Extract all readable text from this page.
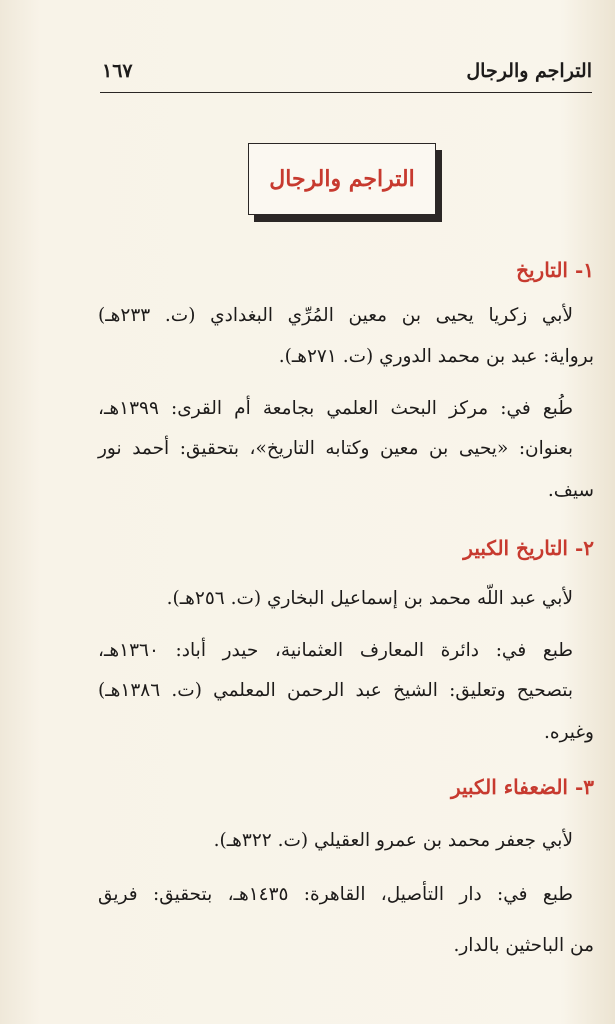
التراجم والرجال
١٦٧
التراجم والرجال
١- التاريخ
لأبي زكريا يحيى بن معين المُرِّي البغدادي (ت. ٢٣٣هـ)
برواية: عبد بن محمد الدوري (ت. ٢٧١هـ).
طُبع في: مركز البحث العلمي بجامعة أم القرى: ١٣٩٩هـ،
بعنوان: «يحيى بن معين وكتابه التاريخ»، بتحقيق: أحمد نور
سيف.
٢- التاريخ الكبير
لأبي عبد اللّه محمد بن إسماعيل البخاري (ت. ٢٥٦هـ).
طبع في: دائرة المعارف العثمانية، حيدر أباد: ١٣٦٠هـ،
بتصحيح وتعليق: الشيخ عبد الرحمن المعلمي (ت. ١٣٨٦هـ)
وغيره.
٣- الضعفاء الكبير
لأبي جعفر محمد بن عمرو العقيلي (ت. ٣٢٢هـ).
طبع في: دار التأصيل، القاهرة: ١٤٣٥هـ، بتحقيق: فريق
من الباحثين بالدار.
